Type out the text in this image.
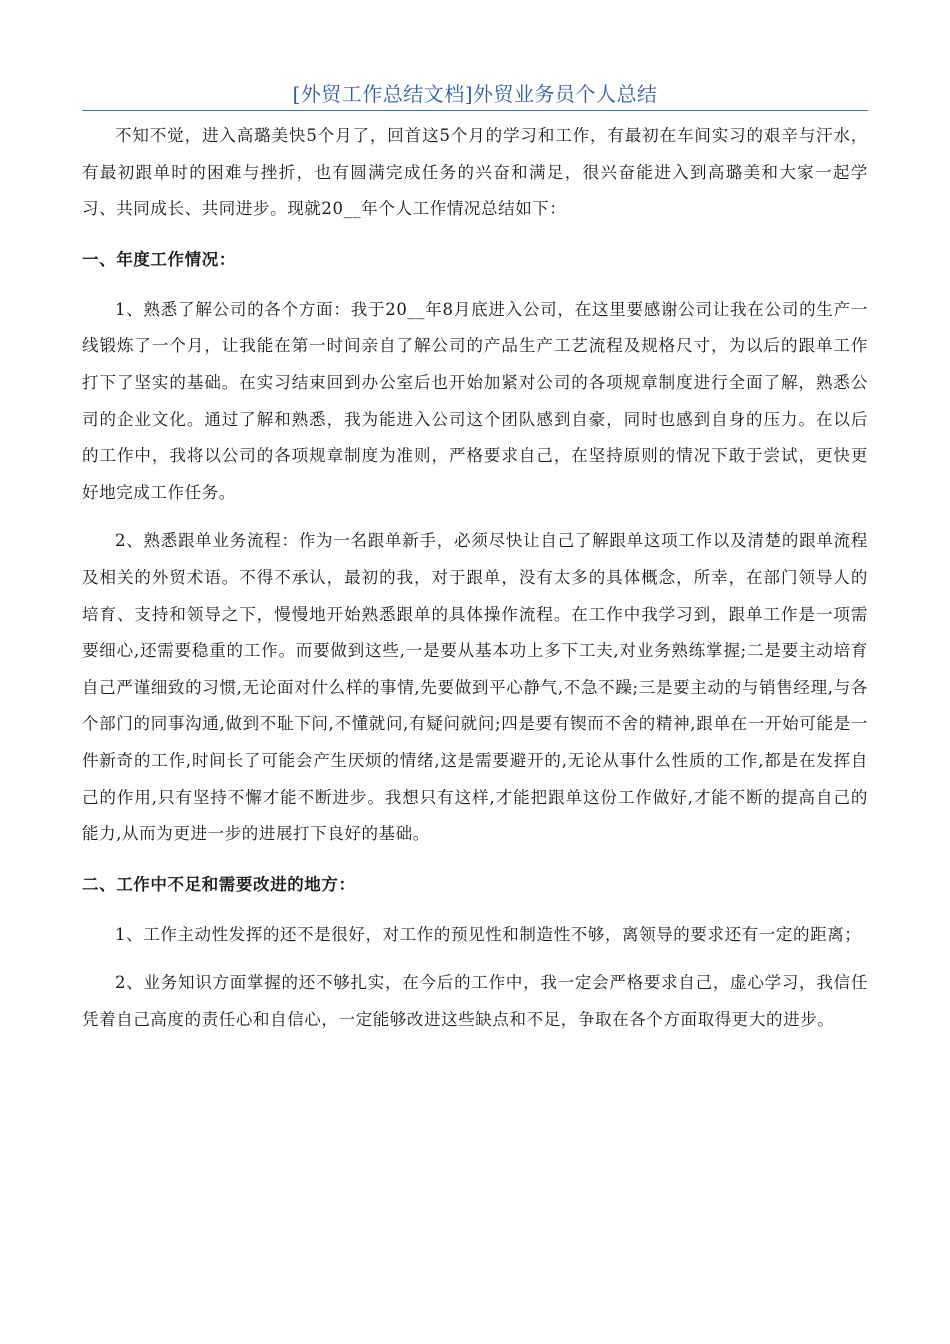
[外贸工作总结文档]外贸业务员个人总结

不知不觉，进入高璐美快5个月了，回首这5个月的学习和工作，有最初在车间实习的艰辛与汗水，有最初跟单时的困难与挫折，也有圆满完成任务的兴奋和满足，很兴奋能进入到高璐美和大家一起学习、共同成长、共同进步。现就20__年个人工作情况总结如下：

一、年度工作情况：

1、熟悉了解公司的各个方面：我于20__年8月底进入公司，在这里要感谢公司让我在公司的生产一线锻炼了一个月，让我能在第一时间亲自了解公司的产品生产工艺流程及规格尺寸，为以后的跟单工作打下了坚实的基础。在实习结束回到办公室后也开始加紧对公司的各项规章制度进行全面了解，熟悉公司的企业文化。通过了解和熟悉，我为能进入公司这个团队感到自豪，同时也感到自身的压力。在以后的工作中，我将以公司的各项规章制度为准则，严格要求自己，在坚持原则的情况下敢于尝试，更快更好地完成工作任务。

2、熟悉跟单业务流程：作为一名跟单新手，必须尽快让自己了解跟单这项工作以及清楚的跟单流程及相关的外贸术语。不得不承认，最初的我，对于跟单，没有太多的具体概念，所幸，在部门领导人的培育、支持和领导之下，慢慢地开始熟悉跟单的具体操作流程。在工作中我学习到，跟单工作是一项需要细心,还需要稳重的工作。而要做到这些,一是要从基本功上多下工夫,对业务熟练掌握;二是要主动培育自己严谨细致的习惯,无论面对什么样的事情,先要做到平心静气,不急不躁;三是要主动的与销售经理,与各个部门的同事沟通,做到不耻下问,不懂就问,有疑问就问;四是要有锲而不舍的精神,跟单在一开始可能是一件新奇的工作,时间长了可能会产生厌烦的情绪,这是需要避开的,无论从事什么性质的工作,都是在发挥自己的作用,只有坚持不懈才能不断进步。我想只有这样,才能把跟单这份工作做好,才能不断的提高自己的能力,从而为更进一步的进展打下良好的基础。

二、工作中不足和需要改进的地方：

1、工作主动性发挥的还不是很好，对工作的预见性和制造性不够，离领导的要求还有一定的距离；

2、业务知识方面掌握的还不够扎实，在今后的工作中，我一定会严格要求自己，虚心学习，我信任凭着自己高度的责任心和自信心，一定能够改进这些缺点和不足，争取在各个方面取得更大的进步。
